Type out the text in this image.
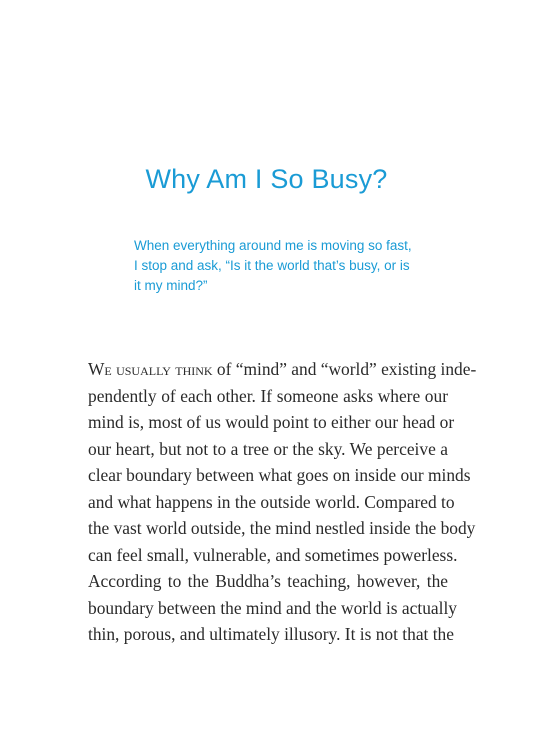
Why Am I So Busy?
When everything around me is moving so fast,
I stop and ask, “Is it the world that’s busy, or is
it my mind?”
We usually think of “mind” and “world” existing inde-
pendently of each other. If someone asks where our
mind is, most of us would point to either our head or
our heart, but not to a tree or the sky. We perceive a
clear boundary between what goes on inside our minds
and what happens in the outside world. Compared to
the vast world outside, the mind nestled inside the body
can feel small, vulnerable, and sometimes powerless.
According to the Buddha’s teaching, however, the
boundary between the mind and the world is actually
thin, porous, and ultimately illusory. It is not that the
